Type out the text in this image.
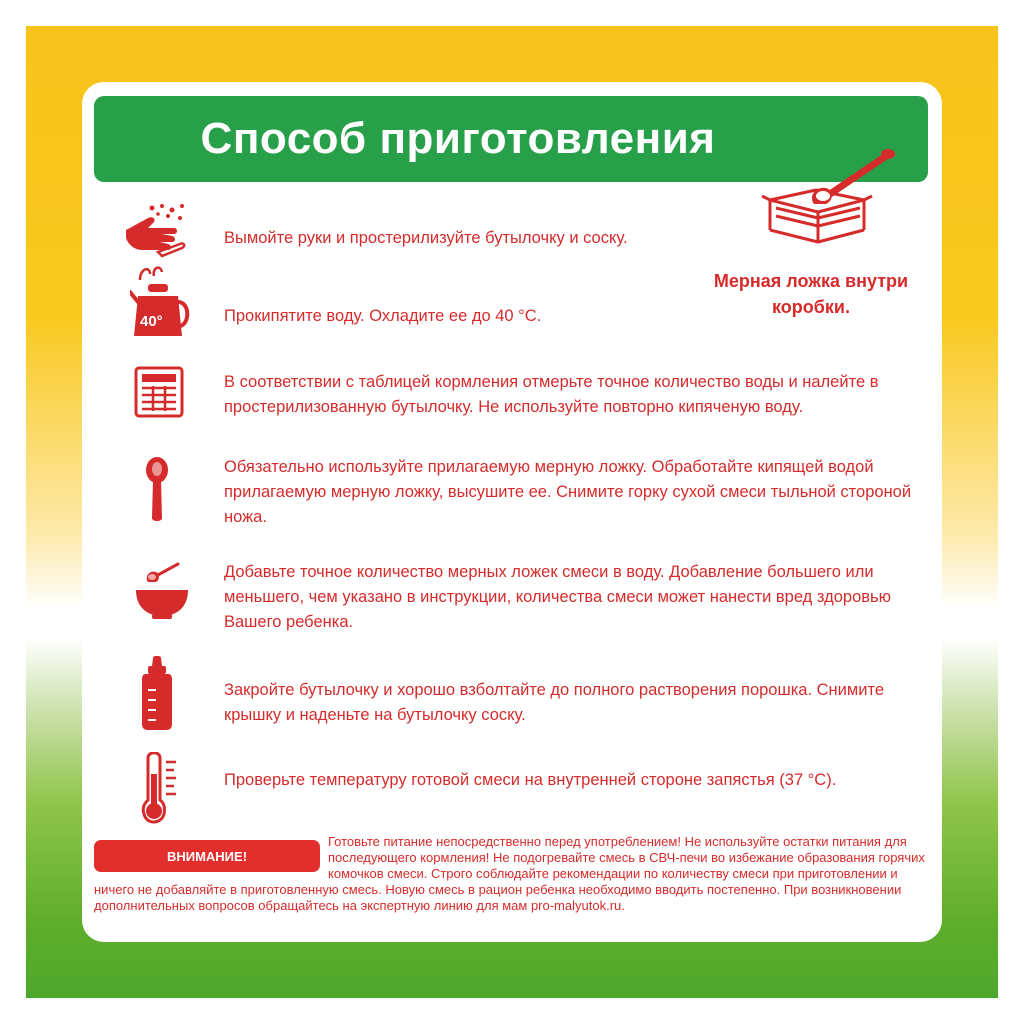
Способ приготовления
Мерная ложка внутри коробки.
Вымойте руки и простерилизуйте бутылочку и соску.
40°	Прокипятите воду. Охладите ее до 40 °С.
В соответствии с таблицей кормления отмерьте точное количество воды и налейте в простерилизованную бутылочку. Не используйте повторно кипяченую воду.
Обязательно используйте прилагаемую мерную ложку. Обработайте кипящей водой прилагаемую мерную ложку, высушите ее. Снимите горку сухой смеси тыльной стороной ножа.
Добавьте точное количество мерных ложек смеси в воду. Добавление большего или меньшего, чем указано в инструкции, количества смеси может нанести вред здоровью Вашего ребенка.
Закройте бутылочку и хорошо взболтайте до полного растворения порошка. Снимите крышку и наденьте на бутылочку соску.
Проверьте температуру готовой смеси на внутренней стороне запястья (37 °С).
ВНИМАНИЕ!
Готовьте питание непосредственно перед употреблением! Не используйте остатки питания для последующего кормления! Не подогревайте смесь в СВЧ-печи во избежание образования горячих комочков смеси. Строго соблюдайте рекомендации по количеству смеси при приготовлении и ничего не добавляйте в приготовленную смесь. Новую смесь в рацион ребенка необходимо вводить постепенно. При возникновении дополнительных вопросов обращайтесь на экспертную линию для мам pro-malyutok.ru.
